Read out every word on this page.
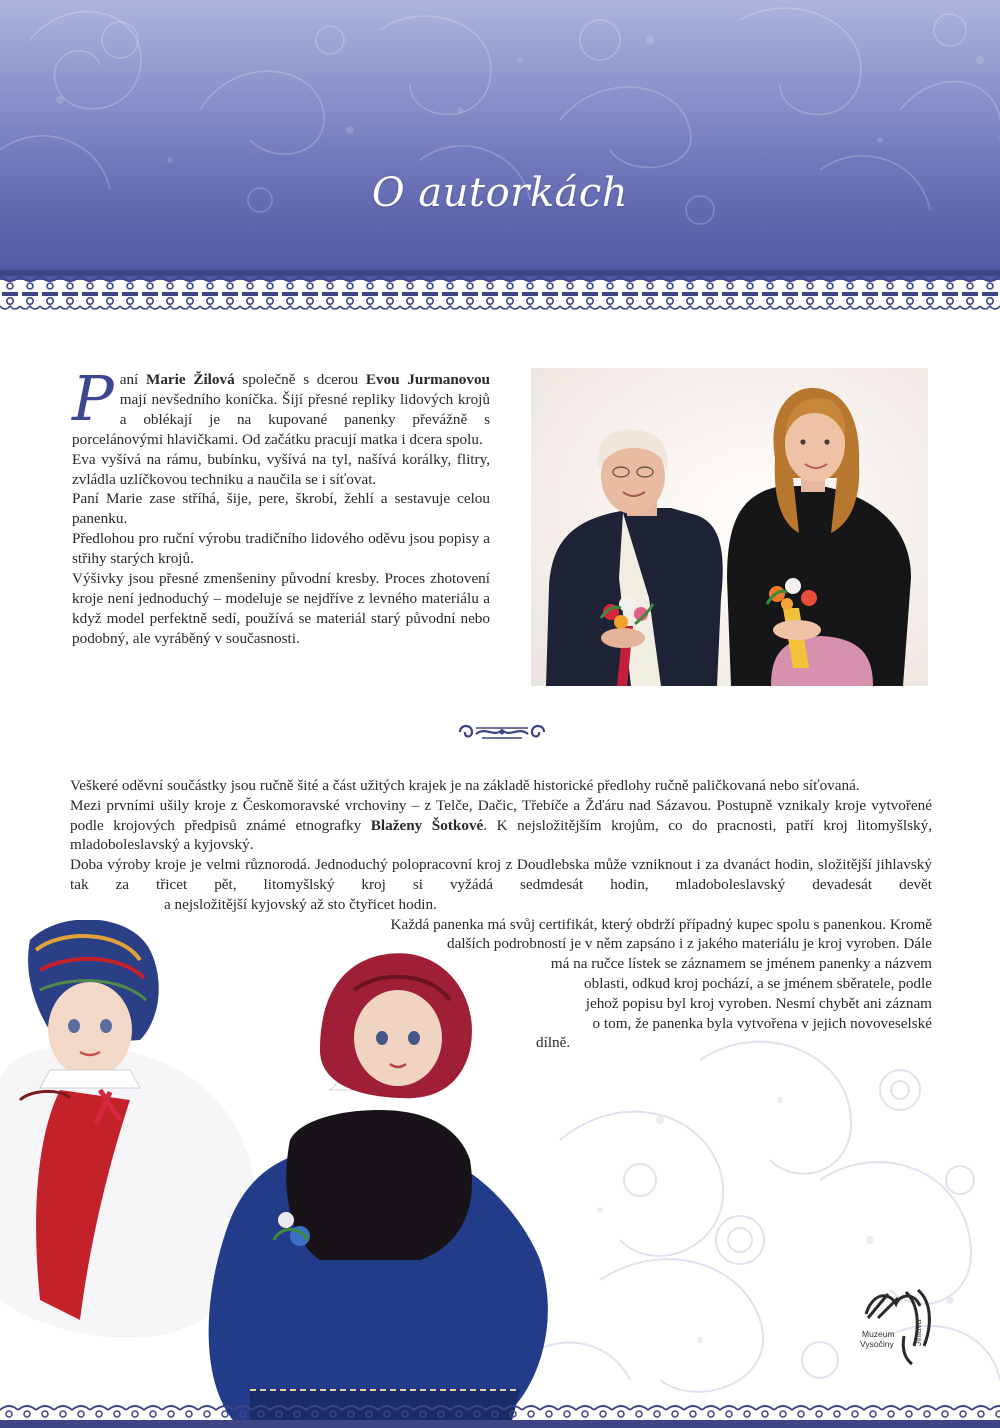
O autorkách

Paní Marie Žilová společně s dcerou Evou Jurmanovou mají nevšedního koníčka. Šijí přesné repliky lidových krojů a oblékají je na kupované panenky převážně s porcelánovými hlavičkami. Od začátku pracují matka i dcera spolu.

Eva vyšívá na rámu, bubínku, vyšívá na tyl, našívá korálky, flitry, zvládla uzlíčkovou techniku a naučila se i síťovat.

Paní Marie zase stříhá, šije, pere, škrobí, žehlí a sestavuje celou panenku.

Předlohou pro ruční výrobu tradičního lidového oděvu jsou popisy a střihy starých krojů.

Výšivky jsou přesné zmenšeniny původní kresby. Proces zhotovení kroje není jednoduchý – modeluje se nejdříve z levného materiálu a když model perfektně sedí, používá se materiál starý původní nebo podobný, ale vyráběný v současnosti.

Veškeré oděvní součástky jsou ručně šité a část užitých krajek je na základě historické předlohy ručně paličkovaná nebo síťovaná.

Mezi prvními ušily kroje z Českomoravské vrchoviny – z Telče, Dačic, Třebíče a Žďáru nad Sázavou. Postupně vznikaly kroje vytvořené podle krojových předpisů známé etnografky Blaženy Šotkové. K nejsložitějším krojům, co do pracnosti, patří kroj litomyšlský, mladoboleslavský a kyjovský.

Doba výroby kroje je velmi různorodá. Jednoduchý polopracovní kroj z Doudlebska může vzniknout i za dvanáct hodin, složitější jihlavský tak za třicet pět, litomyšlský kroj si vyžádá sedmdesát hodin, mladoboleslavský devadesát devět

a nejsložitější kyjovský až sto čtyřicet hodin.

Každá panenka má svůj certifikát, který obdrží případný kupec spolu s panenkou. Kromě

dalších podrobností je v něm zapsáno i z jakého materiálu je kroj vyroben. Dále

má na ručce lístek se záznamem se jménem panenky a názvem

oblasti, odkud kroj pochází, a se jménem sběratele, podle

jehož popisu byl kroj vyroben. Nesmí chybět ani záznam

o tom, že panenka byla vytvořena v jejich novoveselské

dílně.

Muzeum
Vysočiny Jihlava
